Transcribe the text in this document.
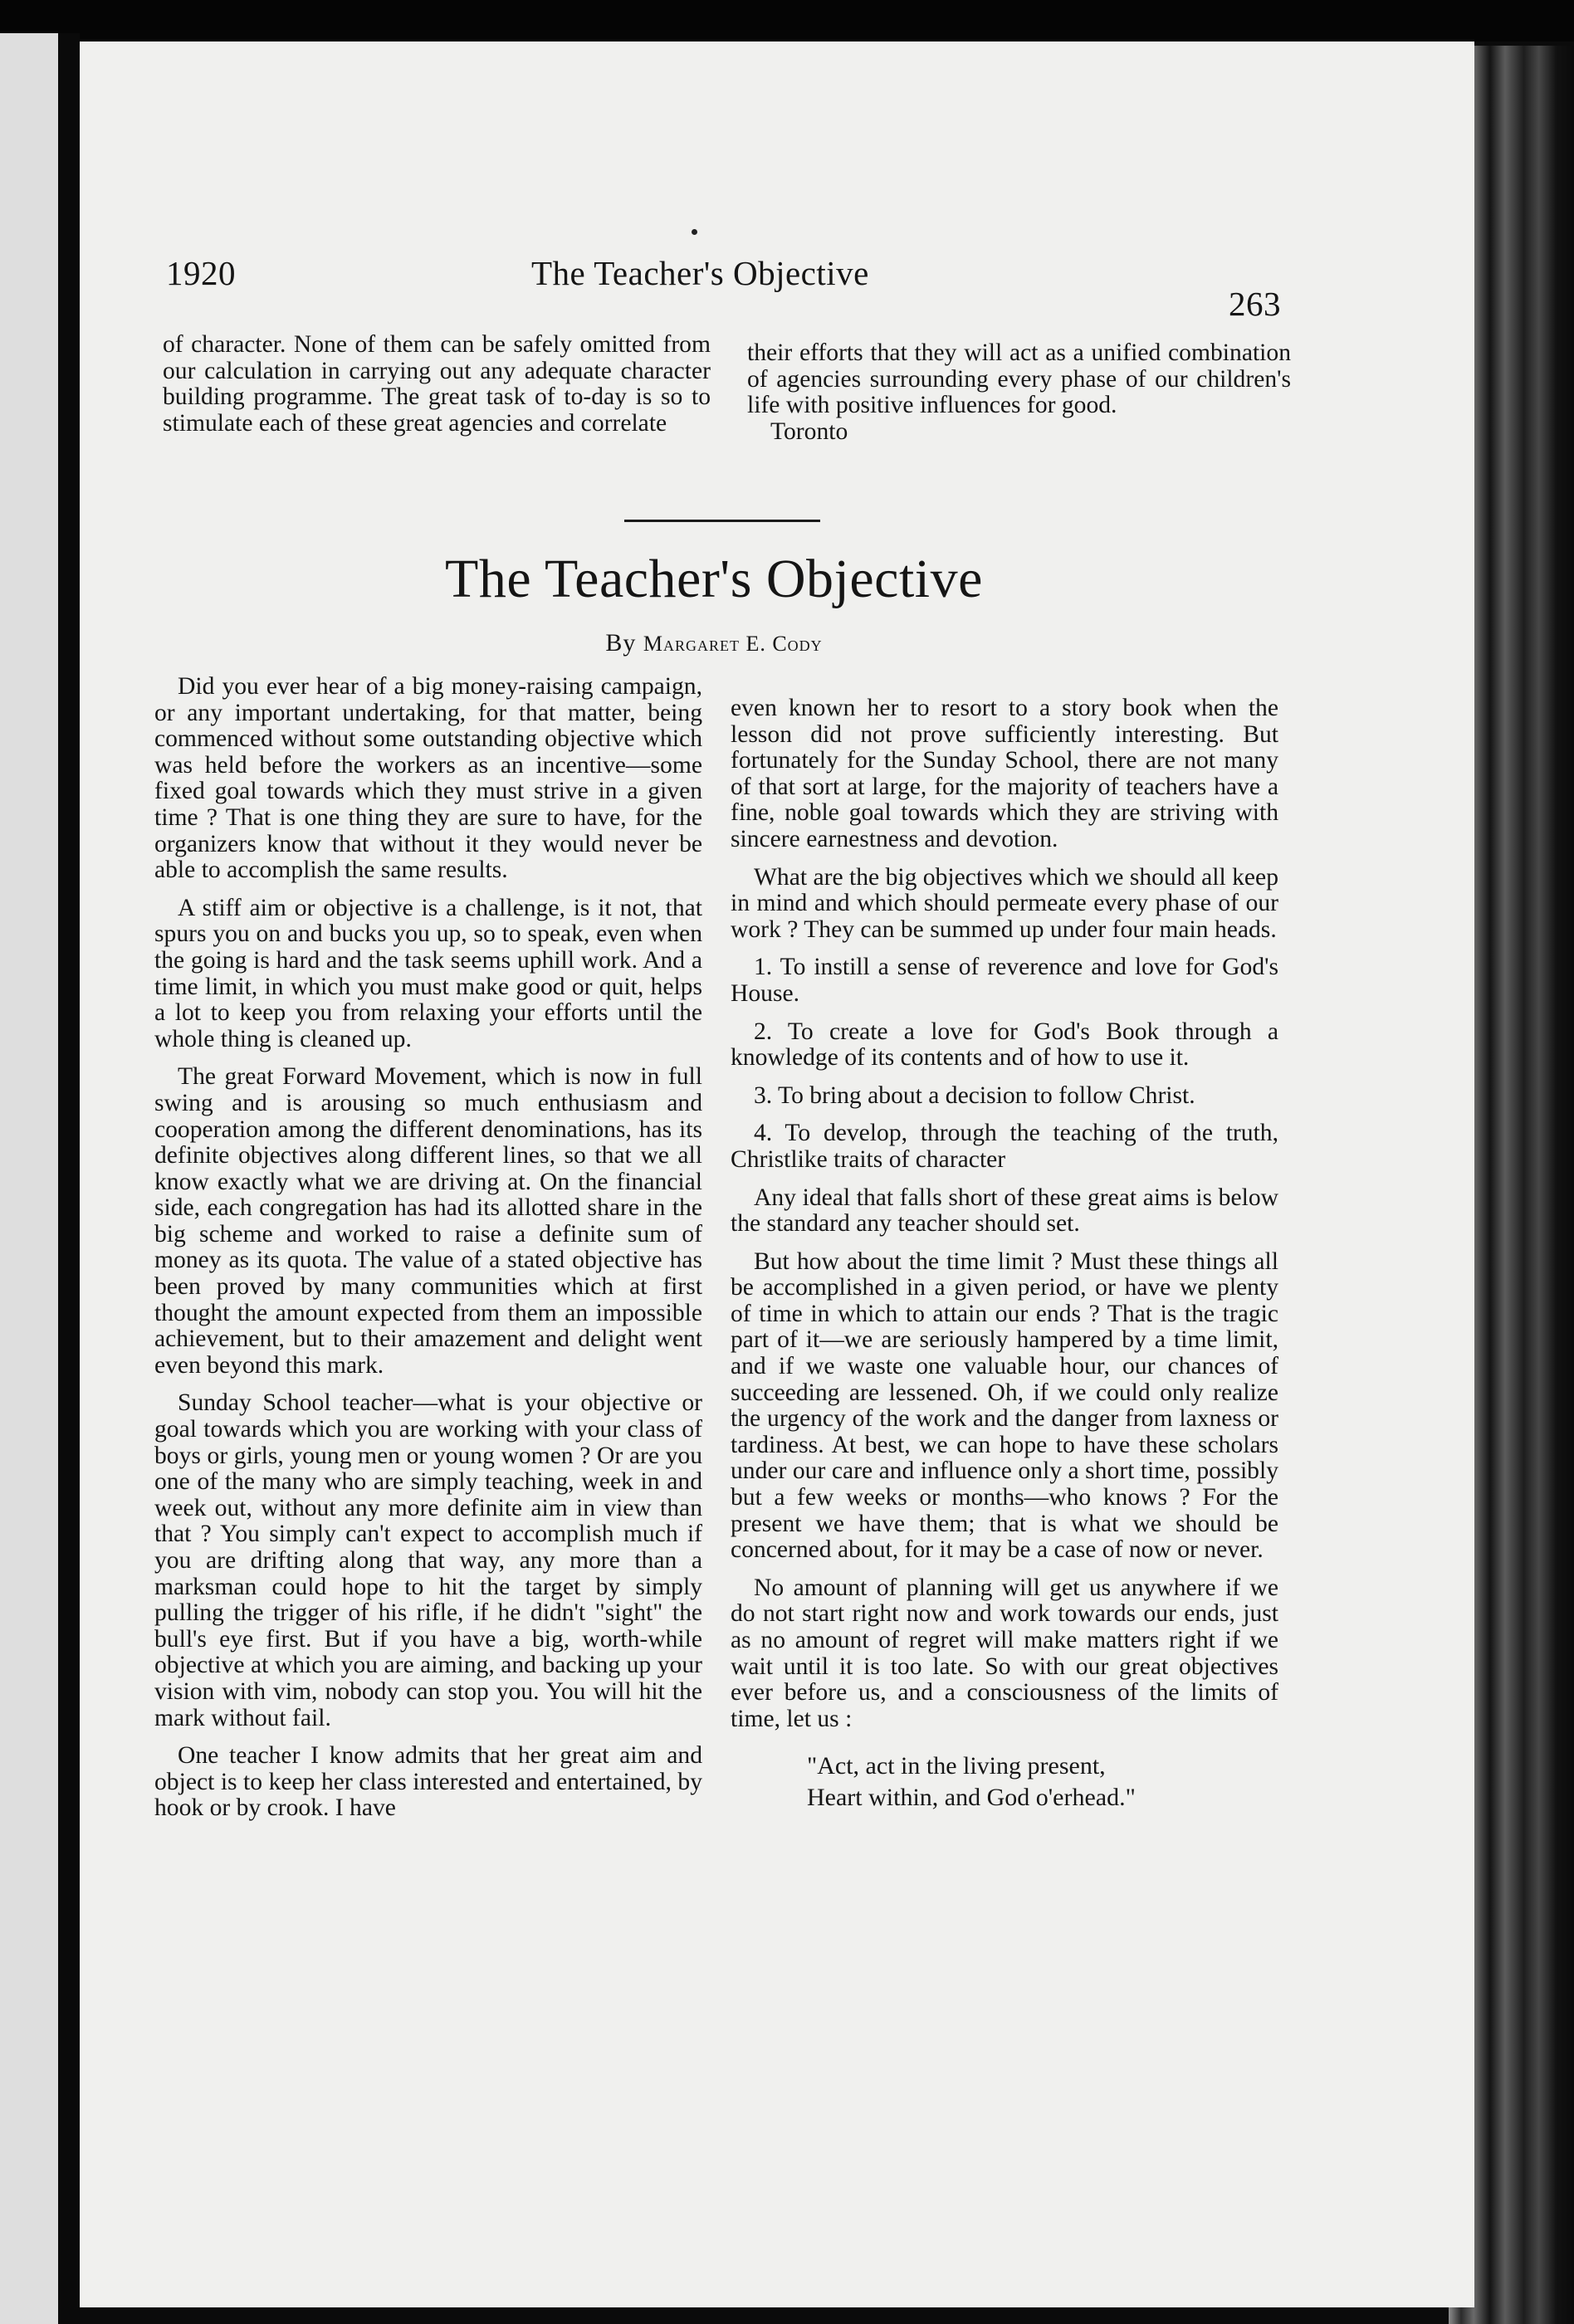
1920	The Teacher's Objective
263

of character. None of them can be safely omitted from our calculation in carrying out any adequate character building programme. The great task of to-day is so to stimulate each of these great agencies and correlate

their efforts that they will act as a unified combination of agencies surrounding every phase of our children's life with positive influences for good.

Toronto

The Teacher's Objective
By Margaret E. Cody

Did you ever hear of a big money-raising campaign, or any important undertaking, for that matter, being commenced without some outstanding objective which was held before the workers as an incentive—some fixed goal towards which they must strive in a given time ? That is one thing they are sure to have, for the organizers know that without it they would never be able to accomplish the same results.

A stiff aim or objective is a challenge, is it not, that spurs you on and bucks you up, so to speak, even when the going is hard and the task seems uphill work. And a time limit, in which you must make good or quit, helps a lot to keep you from relaxing your efforts until the whole thing is cleaned up.

The great Forward Movement, which is now in full swing and is arousing so much enthusiasm and cooperation among the different denominations, has its definite objectives along different lines, so that we all know exactly what we are driving at. On the financial side, each congregation has had its allotted share in the big scheme and worked to raise a definite sum of money as its quota. The value of a stated objective has been proved by many communities which at first thought the amount expected from them an impossible achievement, but to their amazement and delight went even beyond this mark.

Sunday School teacher—what is your objective or goal towards which you are working with your class of boys or girls, young men or young women ? Or are you one of the many who are simply teaching, week in and week out, without any more definite aim in view than that ? You simply can't expect to accomplish much if you are drifting along that way, any more than a marksman could hope to hit the target by simply pulling the trigger of his rifle, if he didn't "sight" the bull's eye first. But if you have a big, worth-while objective at which you are aiming, and backing up your vision with vim, nobody can stop you. You will hit the mark without fail.

One teacher I know admits that her great aim and object is to keep her class interested and entertained, by hook or by crook. I have

even known her to resort to a story book when the lesson did not prove sufficiently interesting. But fortunately for the Sunday School, there are not many of that sort at large, for the majority of teachers have a fine, noble goal towards which they are striving with sincere earnestness and devotion.

What are the big objectives which we should all keep in mind and which should permeate every phase of our work ? They can be summed up under four main heads.

1. To instill a sense of reverence and love for God's House.

2. To create a love for God's Book through a knowledge of its contents and of how to use it.

3. To bring about a decision to follow Christ.

4. To develop, through the teaching of the truth, Christlike traits of character

Any ideal that falls short of these great aims is below the standard any teacher should set.

But how about the time limit ? Must these things all be accomplished in a given period, or have we plenty of time in which to attain our ends ? That is the tragic part of it—we are seriously hampered by a time limit, and if we waste one valuable hour, our chances of succeeding are lessened. Oh, if we could only realize the urgency of the work and the danger from laxness or tardiness. At best, we can hope to have these scholars under our care and influence only a short time, possibly but a few weeks or months—who knows ? For the present we have them; that is what we should be concerned about, for it may be a case of now or never.

No amount of planning will get us anywhere if we do not start right now and work towards our ends, just as no amount of regret will make matters right if we wait until it is too late. So with our great objectives ever before us, and a consciousness of the limits of time, let us :

"Act, act in the living present,
Heart within, and God o'erhead."
